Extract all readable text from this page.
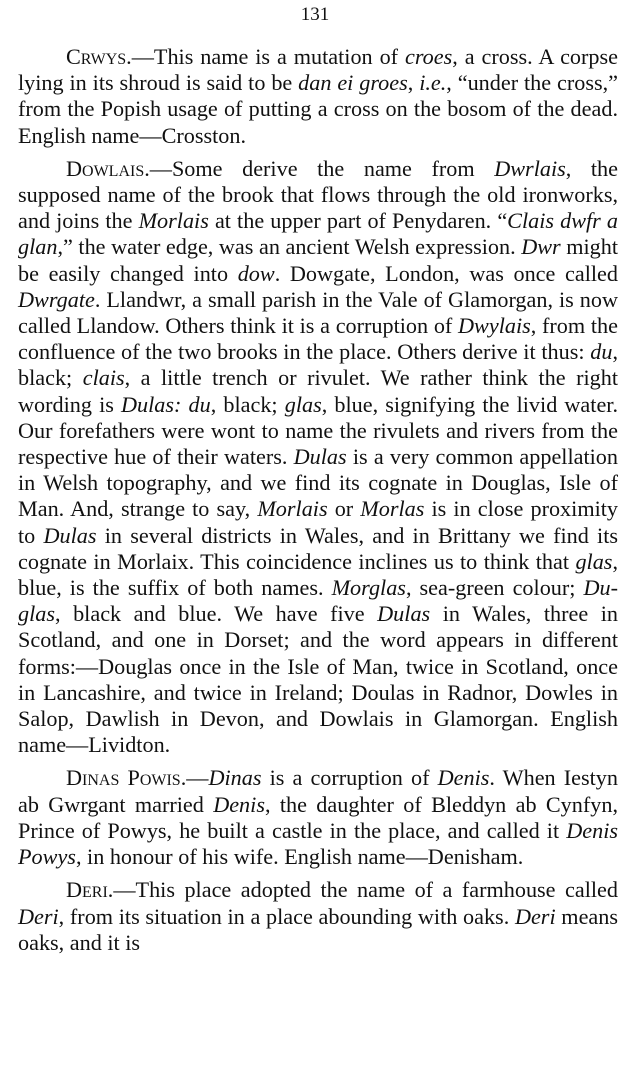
131

Crwys.—This name is a mutation of croes, a cross. A corpse lying in its shroud is said to be dan ei groes, i.e., “under the cross,” from the Popish usage of putting a cross on the bosom of the dead. English name—Crosston.

Dowlais.—Some derive the name from Dwrlais, the supposed name of the brook that flows through the old ironworks, and joins the Morlais at the upper part of Penydaren. “Clais dwfr a glan,” the water edge, was an ancient Welsh expression. Dwr might be easily changed into dow. Dowgate, London, was once called Dwrgate. Llandwr, a small parish in the Vale of Glamorgan, is now called Llandow. Others think it is a corruption of Dwylais, from the confluence of the two brooks in the place. Others derive it thus: du, black; clais, a little trench or rivulet. We rather think the right wording is Dulas: du, black; glas, blue, signifying the livid water. Our forefathers were wont to name the rivulets and rivers from the respective hue of their waters. Dulas is a very common appellation in Welsh topography, and we find its cognate in Douglas, Isle of Man. And, strange to say, Morlais or Morlas is in close proximity to Dulas in several districts in Wales, and in Brittany we find its cognate in Morlaix. This coincidence inclines us to think that glas, blue, is the suffix of both names. Morglas, sea-green colour; Du-glas, black and blue. We have five Dulas in Wales, three in Scotland, and one in Dorset; and the word appears in different forms:—Douglas once in the Isle of Man, twice in Scotland, once in Lancashire, and twice in Ireland; Doulas in Radnor, Dowles in Salop, Dawlish in Devon, and Dowlais in Glamorgan. English name—Lividton.

Dinas Powis.—Dinas is a corruption of Denis. When Iestyn ab Gwrgant married Denis, the daughter of Bleddyn ab Cynfyn, Prince of Powys, he built a castle in the place, and called it Denis Powys, in honour of his wife. English name—Denisham.

Deri.—This place adopted the name of a farmhouse called Deri, from its situation in a place abounding with oaks. Deri means oaks, and it is
